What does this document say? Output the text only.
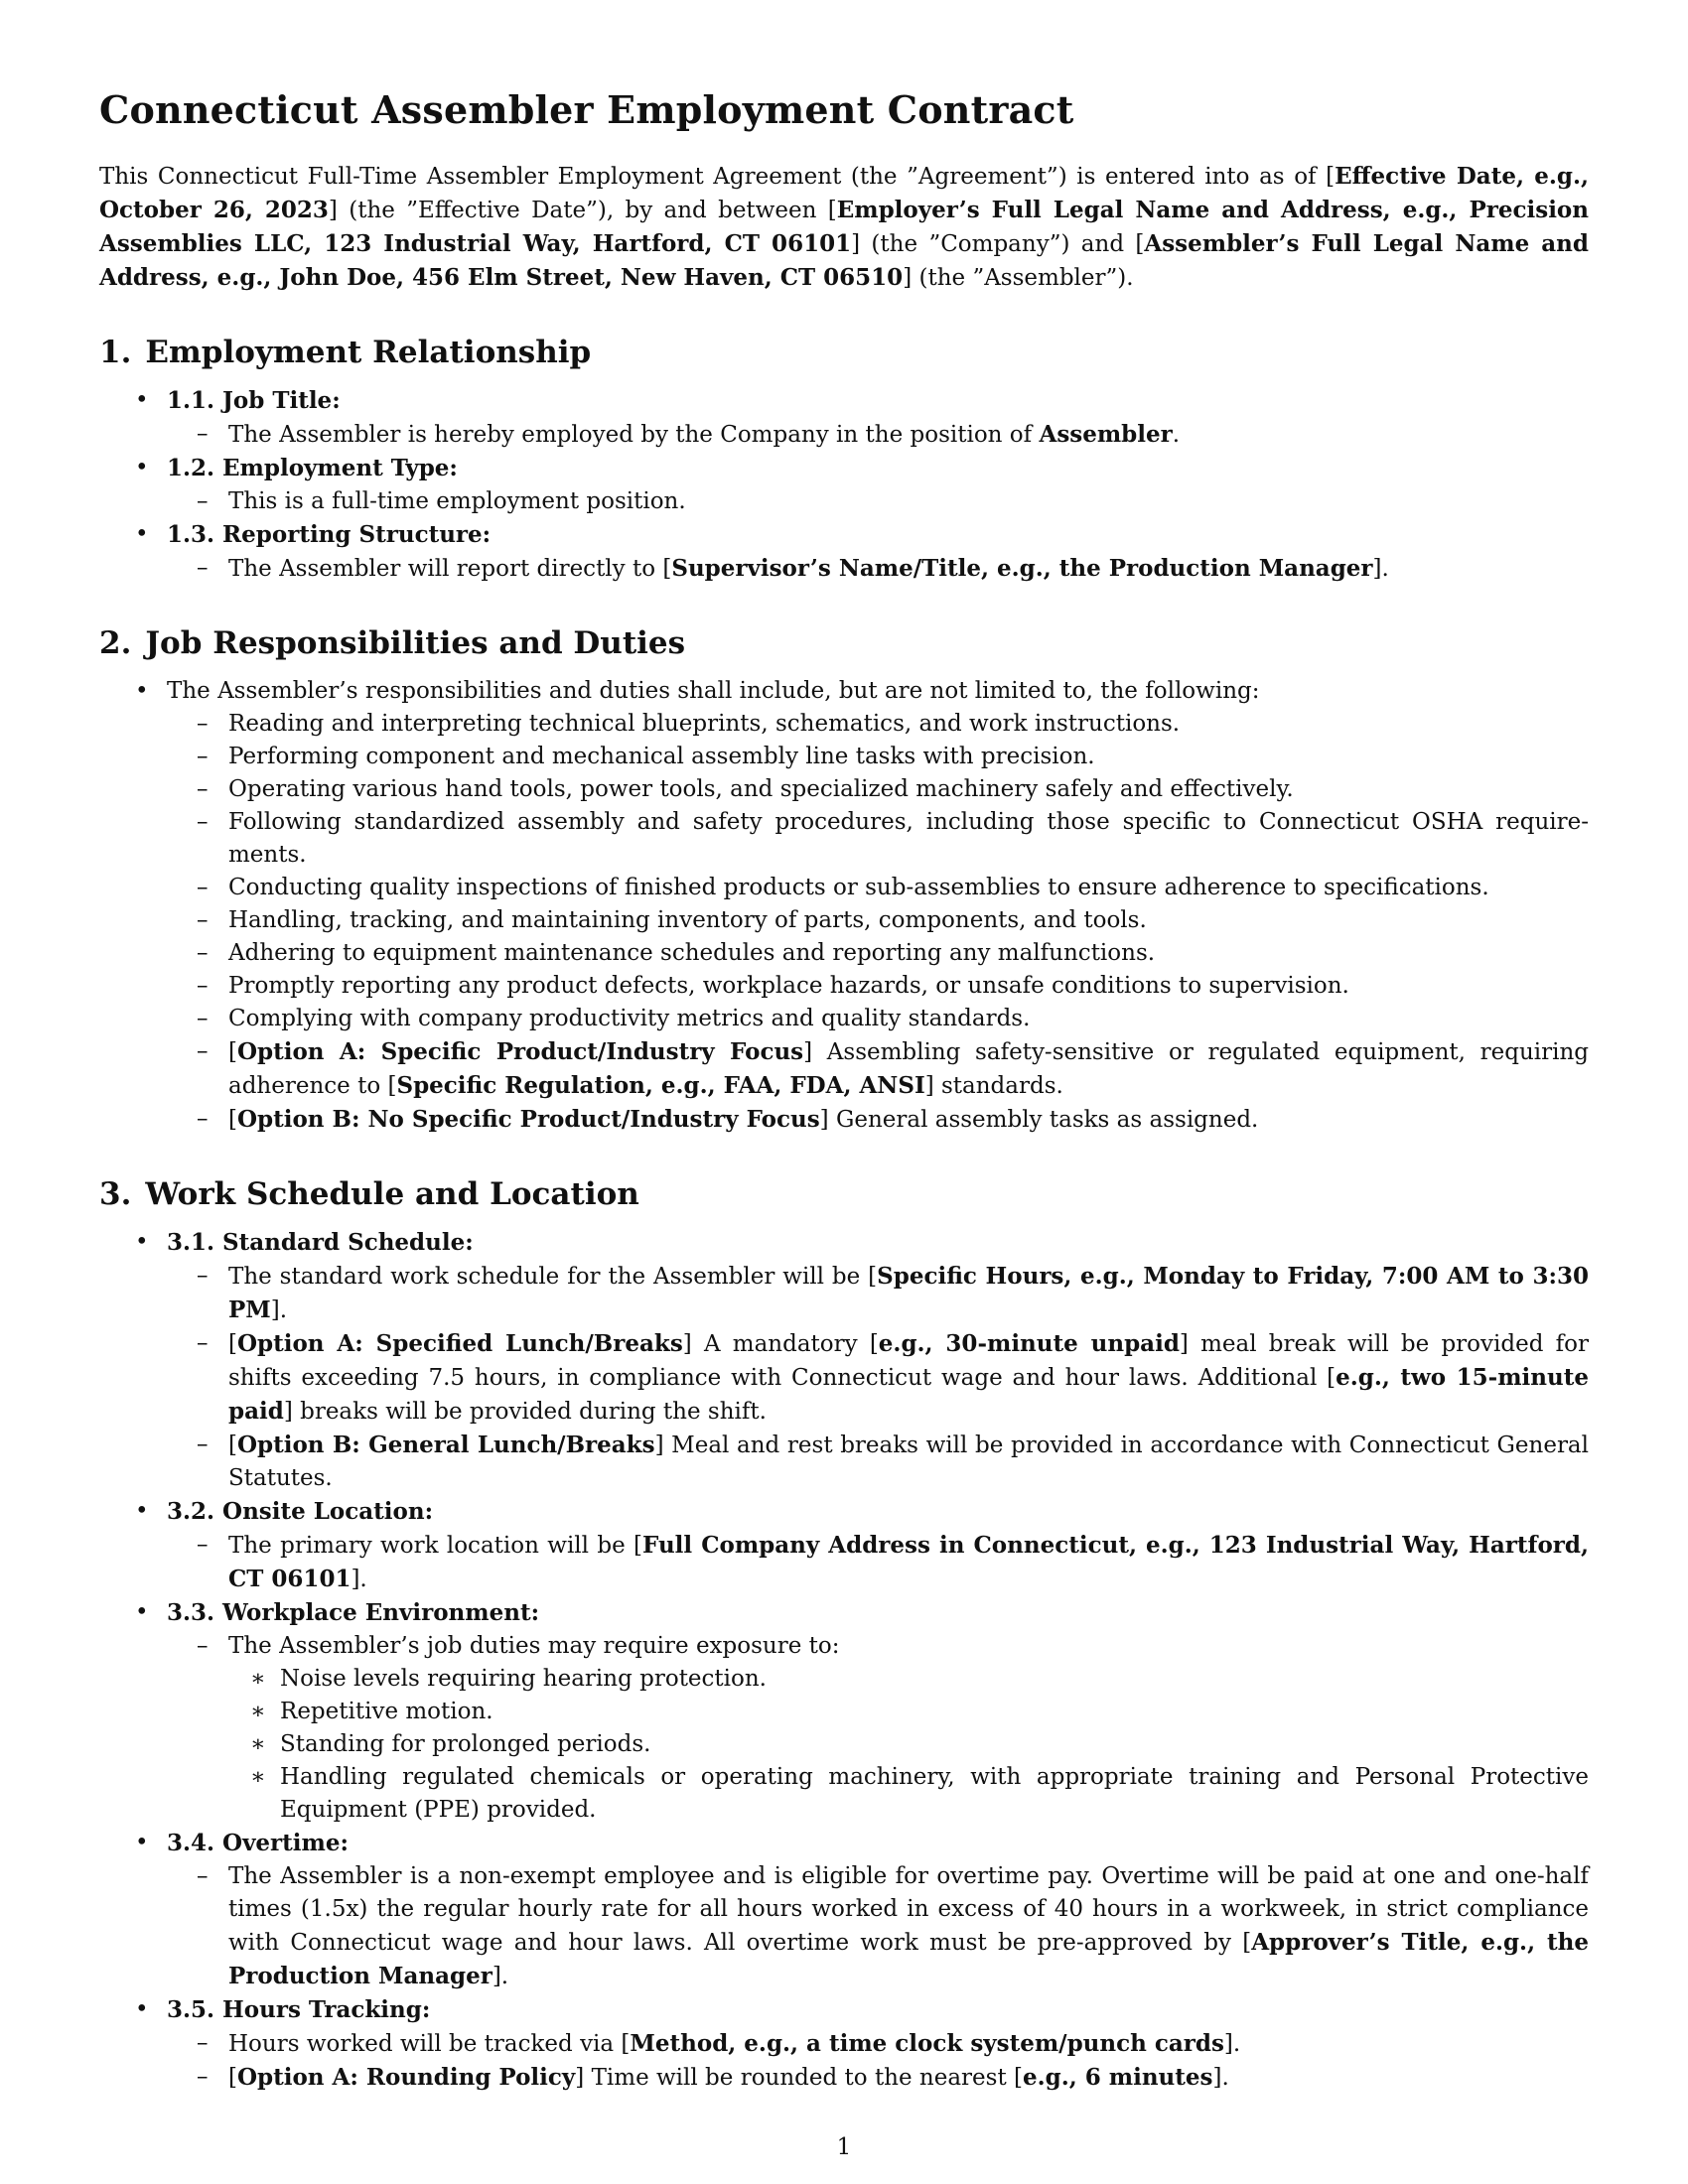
Connecticut Assembler Employment Contract

This Connecticut Full-Time Assembler Employment Agreement (the ”Agreement”) is entered into as of [Effective Date, e.g., October 26, 2023] (the ”Effective Date”), by and between [Employer’s Full Legal Name and Address, e.g., Precision Assemblies LLC, 123 Industrial Way, Hartford, CT 06101] (the ”Company”) and [Assembler’s Full Legal Name and Address, e.g., John Doe, 456 Elm Street, New Haven, CT 06510] (the ”Assembler”).

1. Employment Relationship
• 1.1. Job Title:
– The Assembler is hereby employed by the Company in the position of Assembler.
• 1.2. Employment Type:
– This is a full-time employment position.
• 1.3. Reporting Structure:
– The Assembler will report directly to [Supervisor’s Name/Title, e.g., the Production Manager].
2. Job Responsibilities and Duties
• The Assembler’s responsibilities and duties shall include, but are not limited to, the following:
– Reading and interpreting technical blueprints, schematics, and work instructions.
– Performing component and mechanical assembly line tasks with precision.
– Operating various hand tools, power tools, and specialized machinery safely and effectively.
– Following standardized assembly and safety procedures, including those specific to Connecticut OSHA require- ments.
– Conducting quality inspections of finished products or sub-assemblies to ensure adherence to specifications.
– Handling, tracking, and maintaining inventory of parts, components, and tools.
– Adhering to equipment maintenance schedules and reporting any malfunctions.
– Promptly reporting any product defects, workplace hazards, or unsafe conditions to supervision.
– Complying with company productivity metrics and quality standards.
– [Option A: Specific Product/Industry Focus] Assembling safety-sensitive or regulated equipment, requiring adherence to [Specific Regulation, e.g., FAA, FDA, ANSI] standards.
– [Option B: No Specific Product/Industry Focus] General assembly tasks as assigned.
3. Work Schedule and Location
• 3.1. Standard Schedule:
– The standard work schedule for the Assembler will be [Specific Hours, e.g., Monday to Friday, 7:00 AM to 3:30 PM].
– [Option A: Specified Lunch/Breaks] A mandatory [e.g., 30-minute unpaid] meal break will be provided for shifts exceeding 7.5 hours, in compliance with Connecticut wage and hour laws. Additional [e.g., two 15-minute paid] breaks will be provided during the shift.
– [Option B: General Lunch/Breaks] Meal and rest breaks will be provided in accordance with Connecticut General Statutes.
• 3.2. Onsite Location:
– The primary work location will be [Full Company Address in Connecticut, e.g., 123 Industrial Way, Hartford, CT 06101].
• 3.3. Workplace Environment:
– The Assembler’s job duties may require exposure to:
∗ Noise levels requiring hearing protection.
∗ Repetitive motion.
∗ Standing for prolonged periods.
∗ Handling regulated chemicals or operating machinery, with appropriate training and Personal Protective Equipment (PPE) provided.
• 3.4. Overtime:
– The Assembler is a non-exempt employee and is eligible for overtime pay. Overtime will be paid at one and one-half times (1.5x) the regular hourly rate for all hours worked in excess of 40 hours in a workweek, in strict compliance with Connecticut wage and hour laws. All overtime work must be pre-approved by [Approver’s Title, e.g., the Production Manager].
• 3.5. Hours Tracking:
– Hours worked will be tracked via [Method, e.g., a time clock system/punch cards].
– [Option A: Rounding Policy] Time will be rounded to the nearest [e.g., 6 minutes].
1
